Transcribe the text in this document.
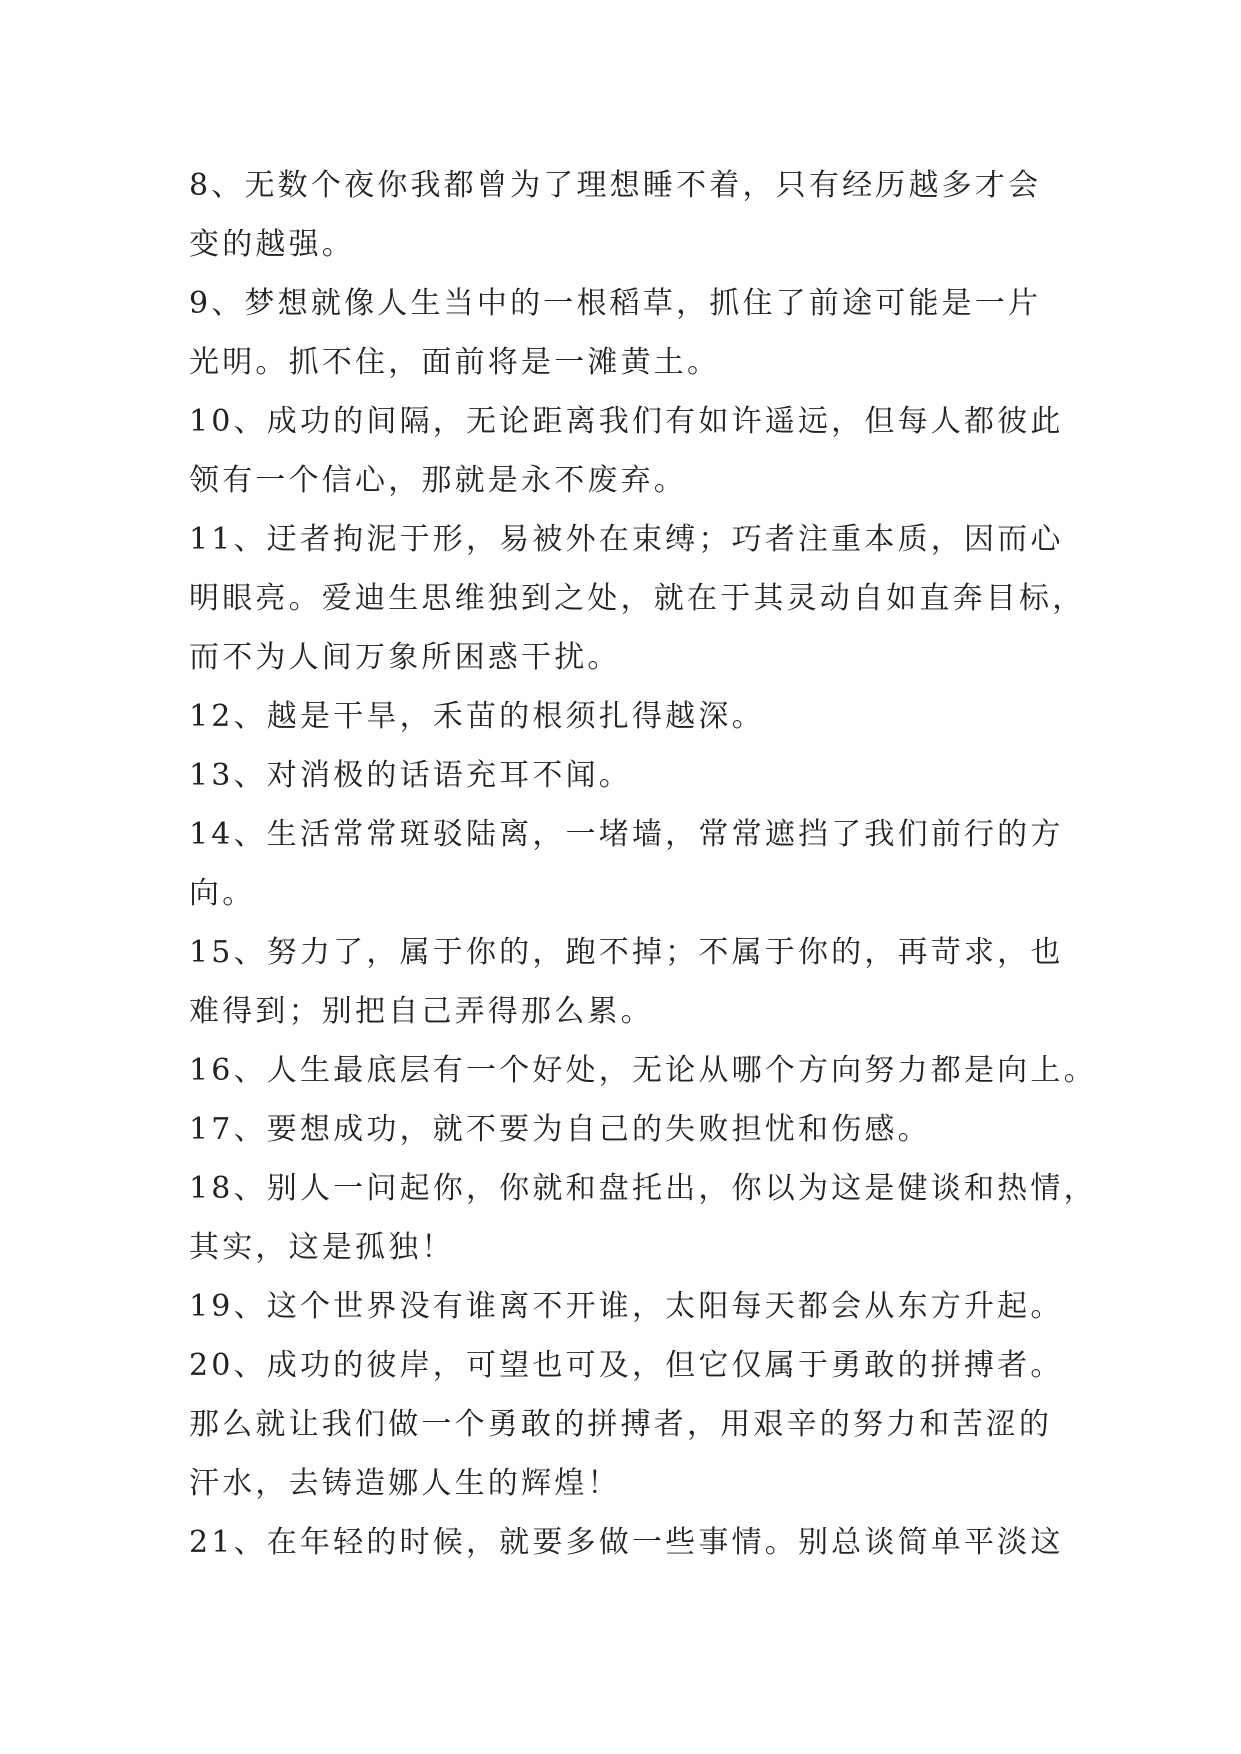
8、无数个夜你我都曾为了理想睡不着，只有经历越多才会
变的越强。
9、梦想就像人生当中的一根稻草，抓住了前途可能是一片
光明。抓不住，面前将是一滩黄土。
10、成功的间隔，无论距离我们有如许遥远，但每人都彼此
领有一个信心，那就是永不废弃。
11、迂者拘泥于形，易被外在束缚；巧者注重本质，因而心
明眼亮。爱迪生思维独到之处，就在于其灵动自如直奔目标，
而不为人间万象所困惑干扰。
12、越是干旱，禾苗的根须扎得越深。
13、对消极的话语充耳不闻。
14、生活常常斑驳陆离，一堵墙，常常遮挡了我们前行的方
向。
15、努力了，属于你的，跑不掉；不属于你的，再苛求，也
难得到；别把自己弄得那么累。
16、人生最底层有一个好处，无论从哪个方向努力都是向上。
17、要想成功，就不要为自己的失败担忧和伤感。
18、别人一问起你，你就和盘托出，你以为这是健谈和热情，
其实，这是孤独！
19、这个世界没有谁离不开谁，太阳每天都会从东方升起。
20、成功的彼岸，可望也可及，但它仅属于勇敢的拼搏者。
那么就让我们做一个勇敢的拼搏者，用艰辛的努力和苦涩的
汗水，去铸造娜人生的辉煌！
21、在年轻的时候，就要多做一些事情。别总谈简单平淡这
